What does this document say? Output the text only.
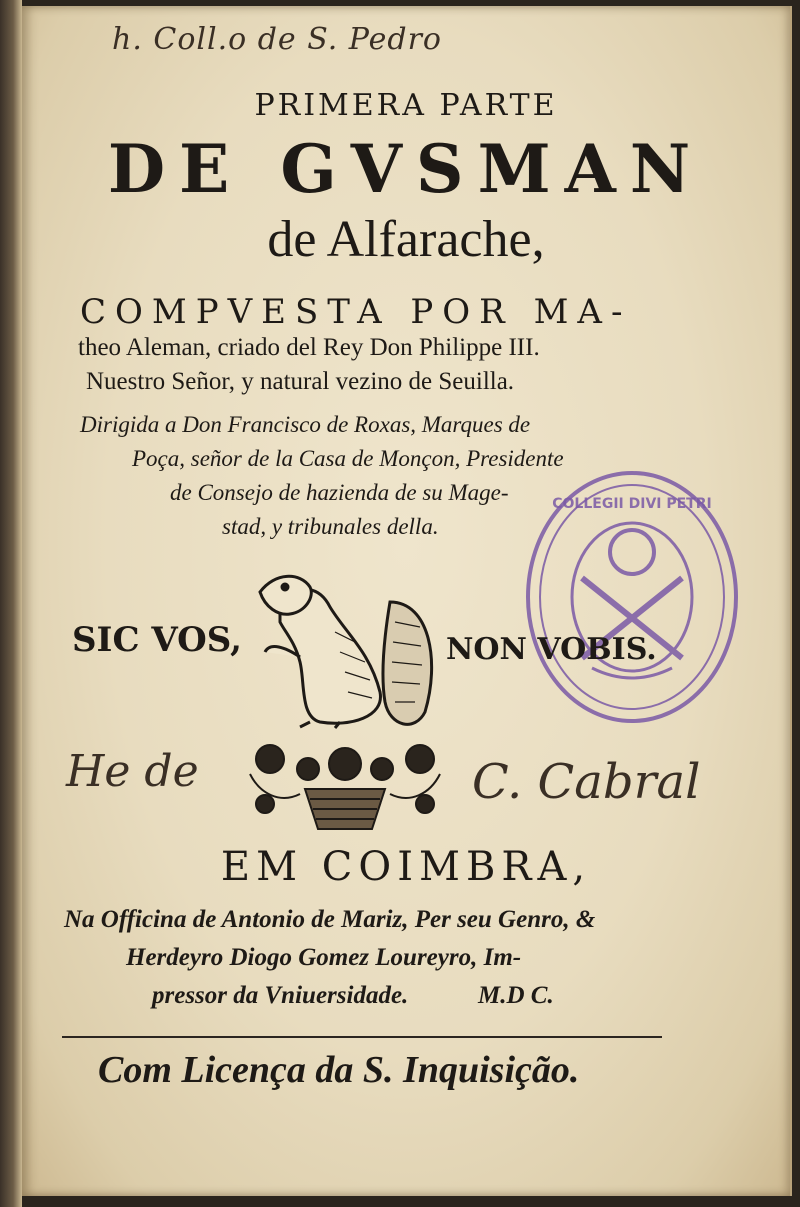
h. Coll.o de S. Pedro
PRIMERA PARTE
DE GVSMAN
de Alfarache,
COMPVESTA POR MA-
theo Aleman, criado del Rey Don Philippe III.
Nuestro Señor, y natural vezino de Seuilla.
Dirigida a Don Francisco de Roxas, Marques de
Poça, señor de la Casa de Monçon, Presidente
de Consejo de hazienda de su Mage-
stad, y tribunales della.
COLLEGII DIVI PETRI
SIC VOS,	NON VOBIS.
He de	C. Cabral
EM COIMBRA,
Na Officina de Antonio de Mariz, Per seu Genro, &
Herdeyro Diogo Gomez Loureyro, Im-
pressor da Vniuersidade.	M.D C.
Com Licença da S. Inquisição.
